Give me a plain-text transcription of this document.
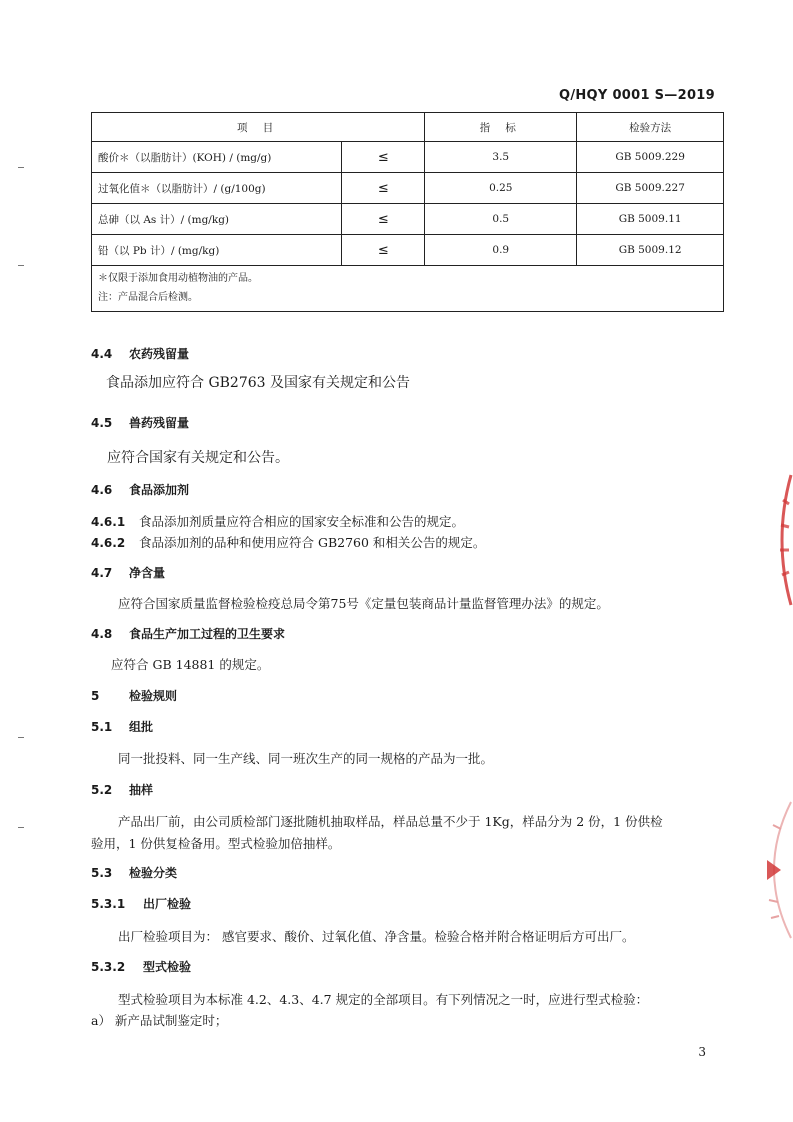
Q/HQY 0001 S—2019
项 目		指 标	检验方法
酸价＊（以脂肪计）(KOH) / (mg/g)	≤	3.5	GB 5009.229
过氧化值＊（以脂肪计）/ (g/100g)	≤	0.25	GB 5009.227
总砷（以 As 计）/ (mg/kg)	≤	0.5	GB 5009.11
铅（以 Pb 计）/ (mg/kg)	≤	0.9	GB 5009.12

＊仅限于添加食用动植物油的产品。
注：产品混合后检测。			
4.4 农药残留量
食品添加应符合 GB2763 及国家有关规定和公告
4.5 兽药残留量
应符合国家有关规定和公告。
4.6 食品添加剂
4.6.1 食品添加剂质量应符合相应的国家安全标准和公告的规定。
4.6.2 食品添加剂的品种和使用应符合 GB2760 和相关公告的规定。
4.7 净含量
应符合国家质量监督检验检疫总局令第75号《定量包装商品计量监督管理办法》的规定。
4.8 食品生产加工过程的卫生要求
应符合 GB 14881 的规定。
5 检验规则
5.1 组批
同一批投料、同一生产线、同一班次生产的同一规格的产品为一批。
5.2 抽样
产品出厂前，由公司质检部门逐批随机抽取样品，样品总量不少于 1Kg，样品分为 2 份，1 份供检
验用，1 份供复检备用。型式检验加倍抽样。
5.3 检验分类
5.3.1 出厂检验
出厂检验项目为： 感官要求、酸价、过氧化值、净含量。检验合格并附合格证明后方可出厂。
5.3.2 型式检验
型式检验项目为本标准 4.2、4.3、4.7 规定的全部项目。有下列情况之一时，应进行型式检验：
a） 新产品试制鉴定时；
3
